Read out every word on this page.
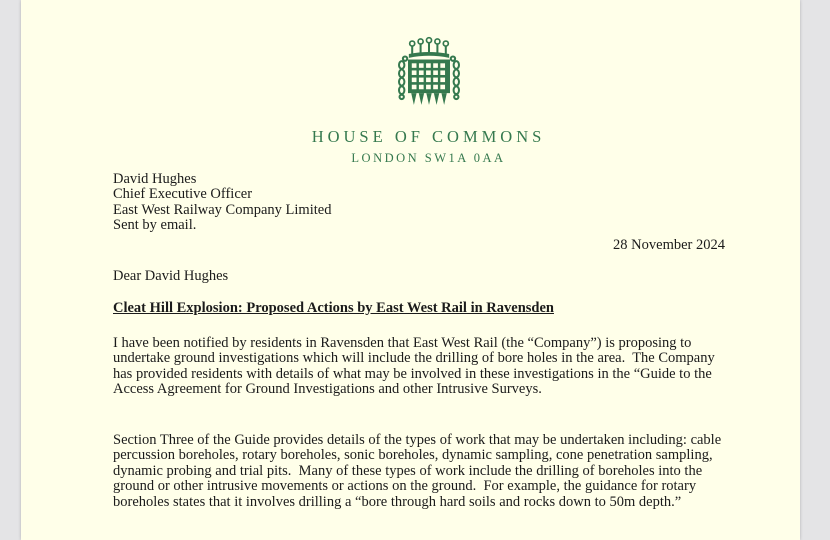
HOUSE OF COMMONS
LONDON SW1A 0AA
David Hughes
Chief Executive Officer
East West Railway Company Limited
Sent by email.
28 November 2024
Dear David Hughes
Cleat Hill Explosion: Proposed Actions by East West Rail in Ravensden

I have been notified by residents in Ravensden that East West Rail (the “Company”) is proposing to undertake ground investigations which will include the drilling of bore holes in the area.  The Company has provided residents with details of what may be involved in these investigations in the “Guide to the Access Agreement for Ground Investigations and other Intrusive Surveys.

Section Three of the Guide provides details of the types of work that may be undertaken including: cable percussion boreholes, rotary boreholes, sonic boreholes, dynamic sampling, cone penetration sampling, dynamic probing and trial pits.  Many of these types of work include the drilling of boreholes into the ground or other intrusive movements or actions on the ground.  For example, the guidance for rotary boreholes states that it involves drilling a “bore through hard soils and rocks down to 50m depth.”
